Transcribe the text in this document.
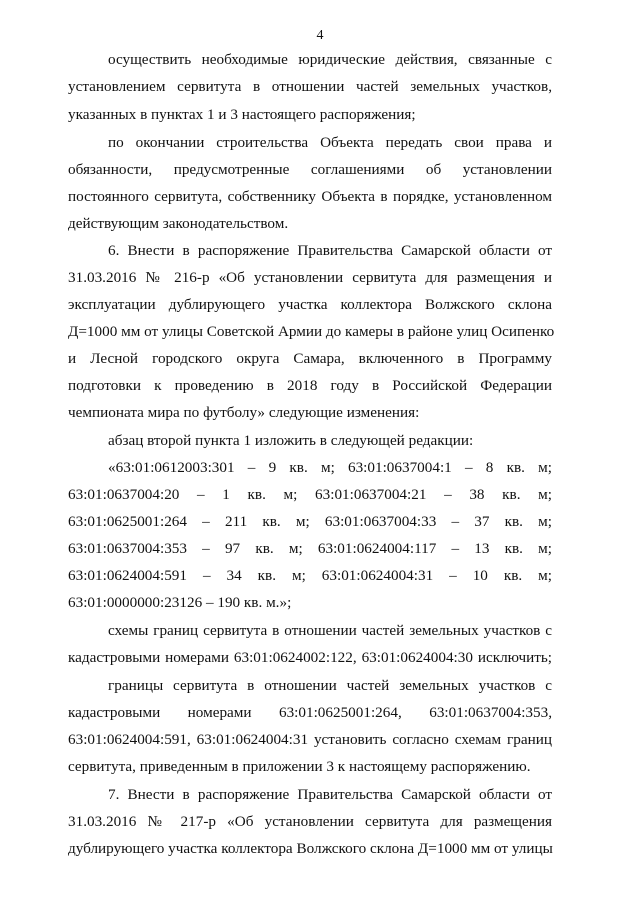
4
осуществить необходимые юридические действия, связанные с
установлением сервитута в отношении частей земельных участков,
указанных в пунктах 1 и 3 настоящего распоряжения;
по окончании строительства Объекта передать свои права и
обязанности, предусмотренные соглашениями об установлении
постоянного сервитута, собственнику Объекта в порядке, установленном
действующим законодательством.
6. Внести в распоряжение Правительства Самарской области от
31.03.2016 № 216-р «Об установлении сервитута для размещения и
эксплуатации дублирующего участка коллектора Волжского склона
Д=1000 мм от улицы Советской Армии до камеры в районе улиц Осипенко
и Лесной городского округа Самара, включенного в Программу
подготовки к проведению в 2018 году в Российской Федерации
чемпионата мира по футболу» следующие изменения:
абзац второй пункта 1 изложить в следующей редакции:
«63:01:0612003:301 – 9 кв. м; 63:01:0637004:1 – 8 кв. м;
63:01:0637004:20 – 1 кв. м; 63:01:0637004:21 – 38 кв. м;
63:01:0625001:264 – 211 кв. м; 63:01:0637004:33 – 37 кв. м;
63:01:0637004:353 – 97 кв. м; 63:01:0624004:117 – 13 кв. м;
63:01:0624004:591 – 34 кв. м; 63:01:0624004:31 – 10 кв. м;
63:01:0000000:23126 – 190 кв. м.»;
схемы границ сервитута в отношении частей земельных участков с
кадастровыми номерами 63:01:0624002:122, 63:01:0624004:30 исключить;
границы сервитута в отношении частей земельных участков с
кадастровыми номерами 63:01:0625001:264, 63:01:0637004:353,
63:01:0624004:591, 63:01:0624004:31 установить согласно схемам границ
сервитута, приведенным в приложении 3 к настоящему распоряжению.
7. Внести в распоряжение Правительства Самарской области от
31.03.2016 № 217-р «Об установлении сервитута для размещения
дублирующего участка коллектора Волжского склона Д=1000 мм от улицы
